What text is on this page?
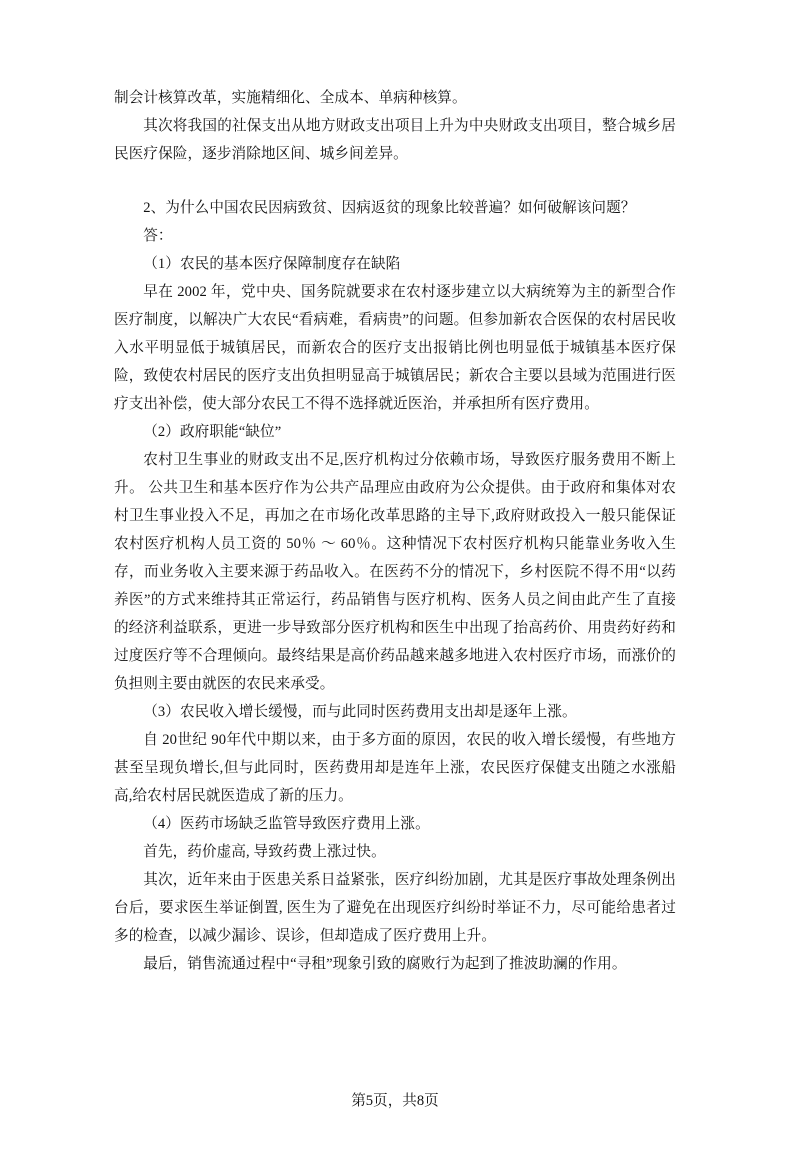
制会计核算改革，实施精细化、全成本、单病种核算。

其次将我国的社保支出从地方财政支出项目上升为中央财政支出项目，整合城乡居民医疗保险，逐步消除地区间、城乡间差异。

2、为什么中国农民因病致贫、因病返贫的现象比较普遍？如何破解该问题？

答：

（1）农民的基本医疗保障制度存在缺陷

早在 2002 年，党中央、国务院就要求在农村逐步建立以大病统筹为主的新型合作医疗制度，以解决广大农民“看病难，看病贵”的问题。但参加新农合医保的农村居民收入水平明显低于城镇居民，而新农合的医疗支出报销比例也明显低于城镇基本医疗保险，致使农村居民的医疗支出负担明显高于城镇居民；新农合主要以县域为范围进行医疗支出补偿，使大部分农民工不得不选择就近医治，并承担所有医疗费用。

（2）政府职能“缺位”

农村卫生事业的财政支出不足,医疗机构过分依赖市场，导致医疗服务费用不断上升。 公共卫生和基本医疗作为公共产品理应由政府为公众提供。由于政府和集体对农村卫生事业投入不足，再加之在市场化改革思路的主导下,政府财政投入一般只能保证农村医疗机构人员工资的 50％ ～ 60％。这种情况下农村医疗机构只能靠业务收入生存，而业务收入主要来源于药品收入。在医药不分的情况下，乡村医院不得不用“以药养医”的方式来维持其正常运行，药品销售与医疗机构、医务人员之间由此产生了直接的经济利益联系，更进一步导致部分医疗机构和医生中出现了抬高药价、用贵药好药和过度医疗等不合理倾向。最终结果是高价药品越来越多地进入农村医疗市场，而涨价的负担则主要由就医的农民来承受。

（3）农民收入增长缓慢，而与此同时医药费用支出却是逐年上涨。

自 20世纪 90年代中期以来，由于多方面的原因，农民的收入增长缓慢，有些地方甚至呈现负增长,但与此同时，医药费用却是连年上涨，农民医疗保健支出随之水涨船高,给农村居民就医造成了新的压力。

（4）医药市场缺乏监管导致医疗费用上涨。

首先，药价虚高, 导致药费上涨过快。

其次，近年来由于医患关系日益紧张，医疗纠纷加剧，尤其是医疗事故处理条例出台后，要求医生举证倒置, 医生为了避免在出现医疗纠纷时举证不力，尽可能给患者过多的检查，以减少漏诊、误诊，但却造成了医疗费用上升。

最后，销售流通过程中“寻租”现象引致的腐败行为起到了推波助澜的作用。

第5页，共8页
